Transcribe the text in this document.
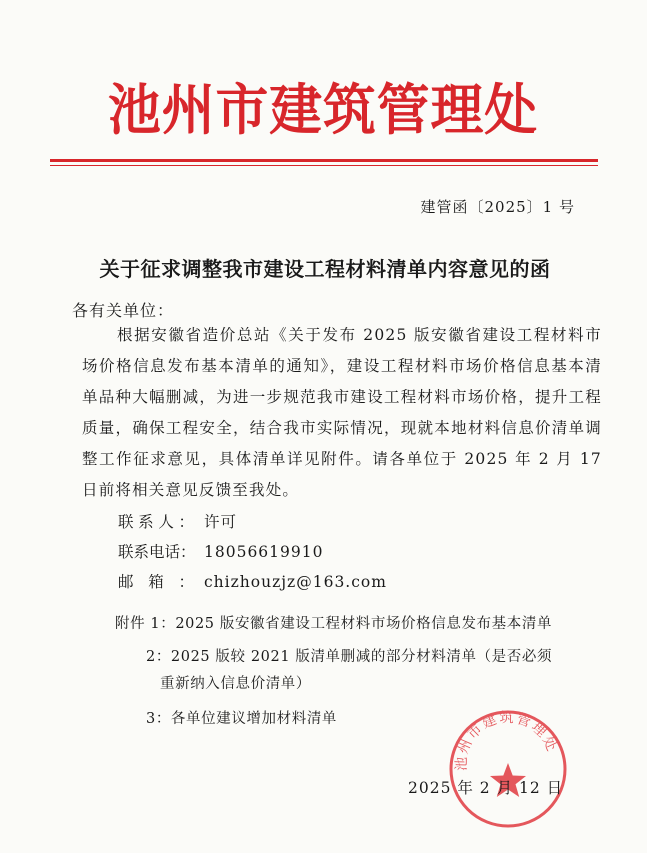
池州市建筑管理处
建管函〔2025〕1 号
关于征求调整我市建设工程材料清单内容意见的函
各有关单位：
根据安徽省造价总站《关于发布 2025 版安徽省建设工程材料市场价格信息发布基本清单的通知》，建设工程材料市场价格信息基本清单品种大幅删减，为进一步规范我市建设工程材料市场价格，提升工程质量，确保工程安全，结合我市实际情况，现就本地材料信息价清单调整工作征求意见，具体清单详见附件。请各单位于 2025 年 2 月 17 日前将相关意见反馈至我处。
联系人： 许可
联系电话： 18056619910
邮箱： chizhouzjz@163.com
附件 1：2025 版安徽省建设工程材料市场价格信息发布基本清单
2：2025 版较 2021 版清单删减的部分材料清单（是否必须
重新纳入信息价清单）
3：各单位建议增加材料清单
池州市建筑管理处
2025 年 2 月 12 日
